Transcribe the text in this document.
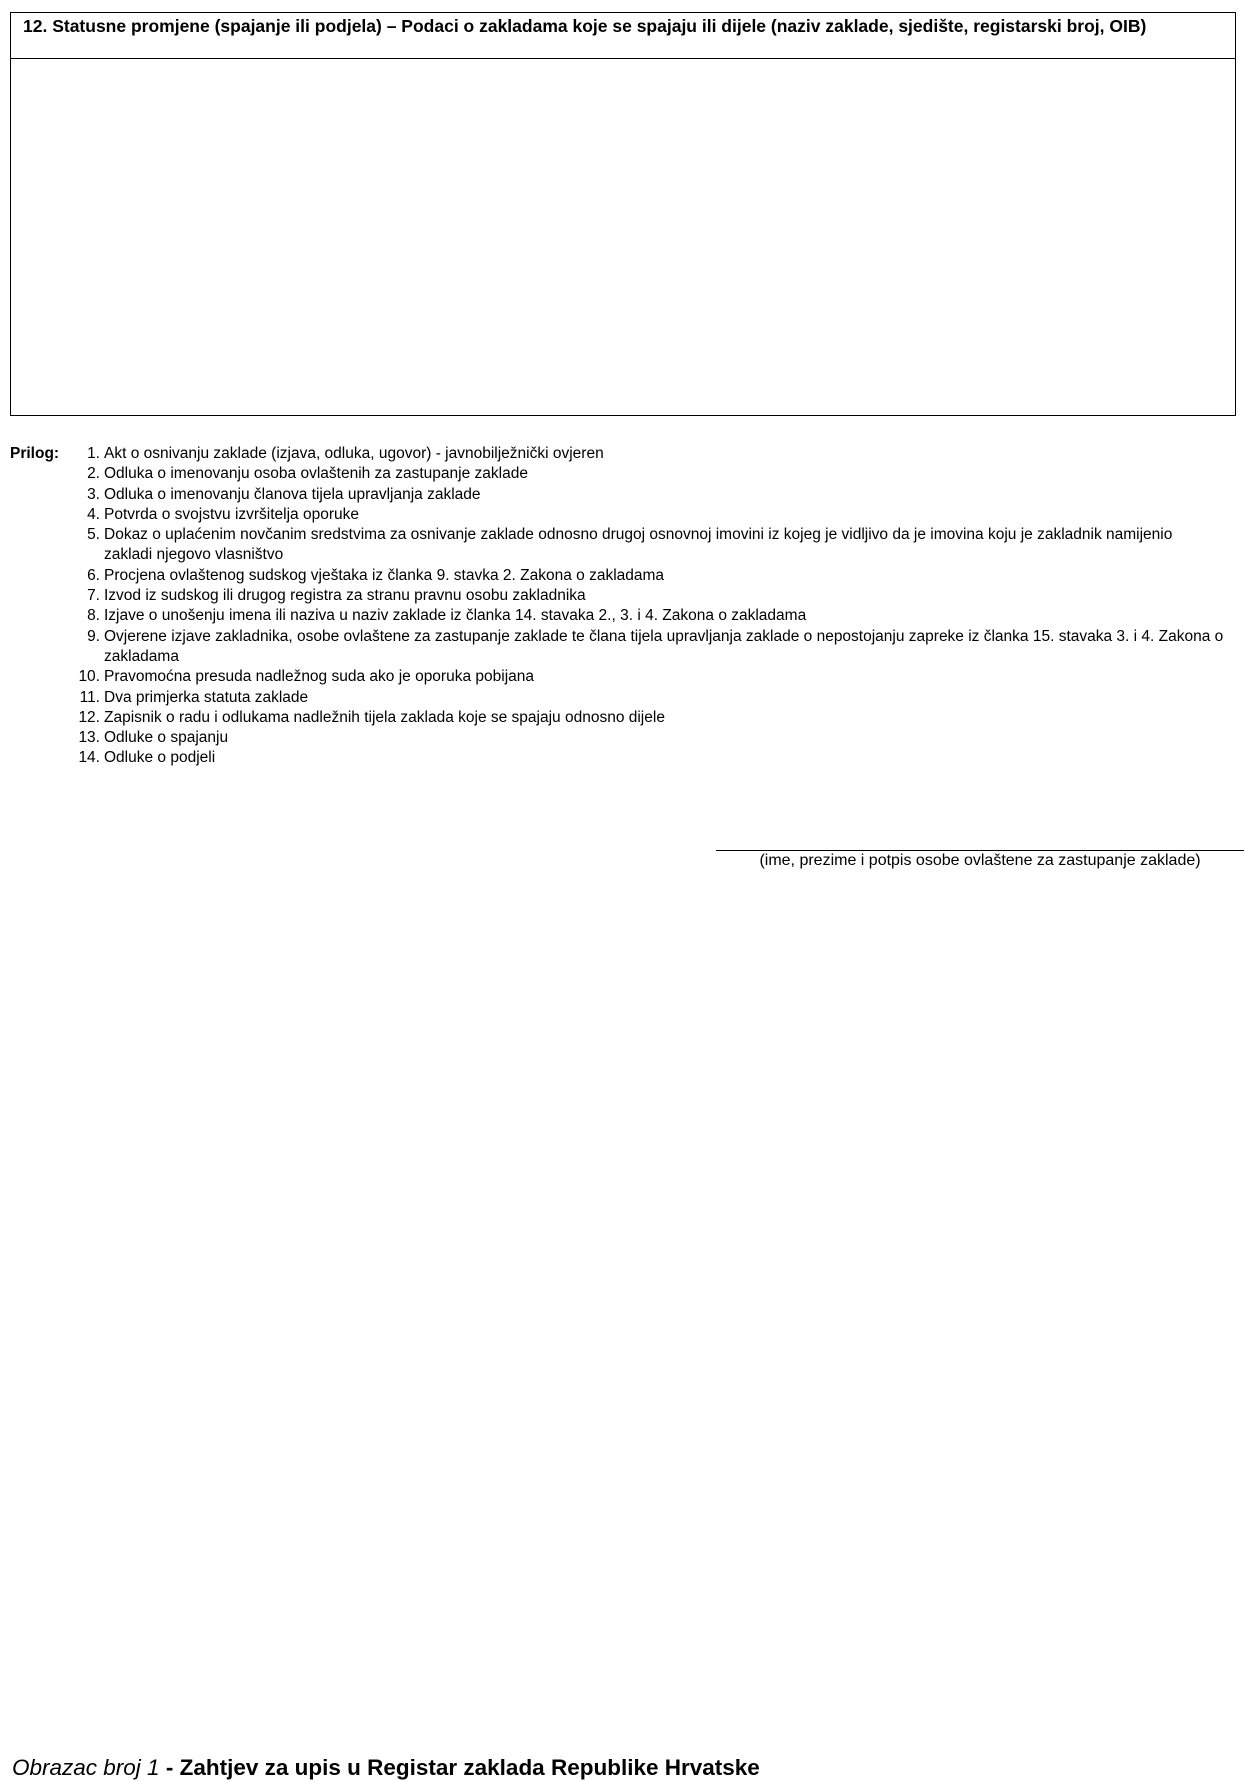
12. Statusne promjene (spajanje ili podjela) – Podaci o zakladama koje se spajaju ili dijele (naziv zaklade, sjedište, registarski broj, OIB)
Prilog:	1. Akt o osnivanju zaklade (izjava, odluka, ugovor) - javnobilježnički ovjeren
2. Odluka o imenovanju osoba ovlaštenih za zastupanje zaklade
3. Odluka o imenovanju članova tijela upravljanja zaklade
4. Potvrda o svojstvu izvršitelja oporuke
5. Dokaz o uplaćenim novčanim sredstvima za osnivanje zaklade odnosno drugoj osnovnoj imovini iz kojeg je vidljivo da je imovina koju je zakladnik namijenio zakladi njegovo vlasništvo
6. Procjena ovlaštenog sudskog vještaka iz članka 9. stavka 2. Zakona o zakladama
7. Izvod iz sudskog ili drugog registra za stranu pravnu osobu zakladnika
8. Izjave o unošenju imena ili naziva u naziv zaklade iz članka 14. stavaka 2., 3. i 4. Zakona o zakladama
9. Ovjerene izjave zakladnika, osobe ovlaštene za zastupanje zaklade te člana tijela upravljanja zaklade o nepostojanju zapreke iz članka 15. stavaka 3. i 4. Zakona o zakladama
10. Pravomoćna presuda nadležnog suda ako je oporuka pobijana
11. Dva primjerka statuta zaklade
12. Zapisnik o radu i odlukama nadležnih tijela zaklada koje se spajaju odnosno dijele
13. Odluke o spajanju
14. Odluke o podjeli
(ime, prezime i potpis osobe ovlaštene za zastupanje zaklade)
Obrazac broj 1 - Zahtjev za upis u Registar zaklada Republike Hrvatske
